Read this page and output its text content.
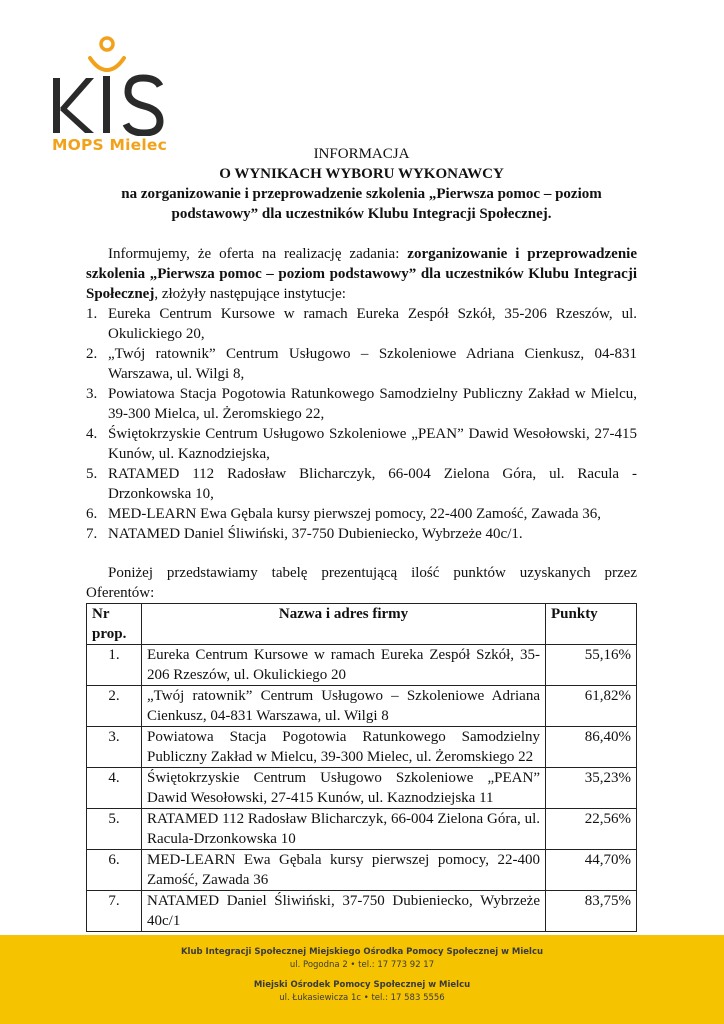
MOPS Mielec	INFORMACJA
O WYNIKACH WYBORU WYKONAWCY
na zorganizowanie i przeprowadzenie szkolenia „Pierwsza pomoc – poziom
podstawowy” dla uczestników Klubu Integracji Społecznej.

Informujemy, że oferta na realizację zadania: zorganizowanie i przeprowadzenie szkolenia „Pierwsza pomoc – poziom podstawowy” dla uczestników Klubu Integracji Społecznej, złożyły następujące instytucje:

1. Eureka Centrum Kursowe w ramach Eureka Zespół Szkół, 35-206 Rzeszów, ul. Okulickiego 20,
2. „Twój ratownik” Centrum Usługowo – Szkoleniowe Adriana Cienkusz, 04-831 Warszawa, ul. Wilgi 8,
3. Powiatowa Stacja Pogotowia Ratunkowego Samodzielny Publiczny Zakład w Mielcu, 39-300 Mielca, ul. Żeromskiego 22,
4. Świętokrzyskie Centrum Usługowo Szkoleniowe „PEAN” Dawid Wesołowski, 27-415 Kunów, ul. Kaznodziejska,
5. RATAMED 112 Radosław Blicharczyk, 66-004 Zielona Góra, ul. Racula -Drzonkowska 10,
6. MED-LEARN Ewa Gębala kursy pierwszej pomocy, 22-400 Zamość, Zawada 36,
7. NATAMED Daniel Śliwiński, 37-750 Dubieniecko, Wybrzeże 40c/1.

Poniżej przedstawiamy tabelę prezentującą ilość punktów uzyskanych przez Oferentów:

Nr prop.	Nazwa i adres firmy	Punkty
1.	Eureka Centrum Kursowe w ramach Eureka Zespół Szkół, 35-206 Rzeszów, ul. Okulickiego 20	55,16%
2.	„Twój ratownik” Centrum Usługowo – Szkoleniowe Adriana Cienkusz, 04-831 Warszawa, ul. Wilgi 8	61,82%
3.	Powiatowa Stacja Pogotowia Ratunkowego Samodzielny Publiczny Zakład w Mielcu, 39-300 Mielec, ul. Żeromskiego 22	86,40%
4.	Świętokrzyskie Centrum Usługowo Szkoleniowe „PEAN” Dawid Wesołowski, 27-415 Kunów, ul. Kaznodziejska 11	35,23%
5.	RATAMED 112 Radosław Blicharczyk, 66-004 Zielona Góra, ul. Racula-Drzonkowska 10	22,56%
6.	MED-LEARN Ewa Gębala kursy pierwszej pomocy, 22-400 Zamość, Zawada 36	44,70%
7.	NATAMED Daniel Śliwiński, 37-750 Dubieniecko, Wybrzeże 40c/1	83,75%
Klub Integracji Społecznej Miejskiego Ośrodka Pomocy Społecznej w Mielcu
ul. Pogodna 2 • tel.: 17 773 92 17
Miejski Ośrodek Pomocy Społecznej w Mielcu
ul. Łukasiewicza 1c • tel.: 17 583 5556
